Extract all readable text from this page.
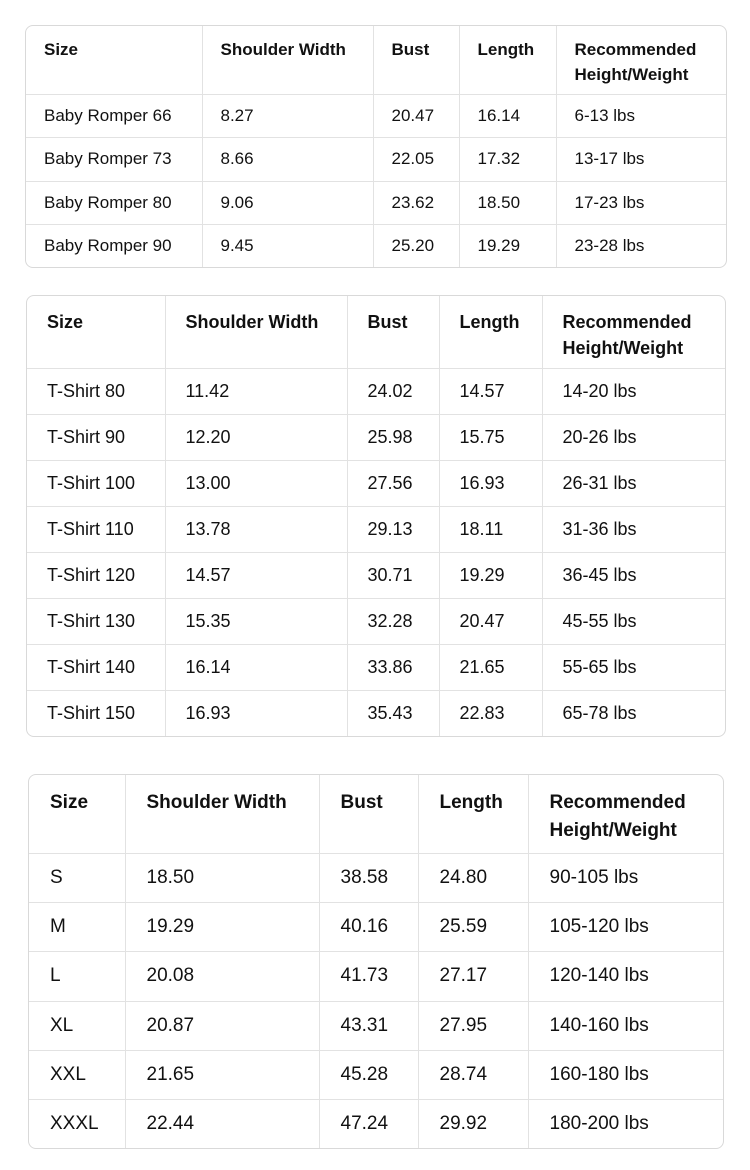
Size	Shoulder Width	Bust	Length	Recommended Height/Weight
Baby Romper 66	8.27	20.47	16.14	6-13 lbs
Baby Romper 73	8.66	22.05	17.32	13-17 lbs
Baby Romper 80	9.06	23.62	18.50	17-23 lbs
Baby Romper 90	9.45	25.20	19.29	23-28 lbs
Size	Shoulder Width	Bust	Length	Recommended Height/Weight
T-Shirt 80	11.42	24.02	14.57	14-20 lbs
T-Shirt 90	12.20	25.98	15.75	20-26 lbs
T-Shirt 100	13.00	27.56	16.93	26-31 lbs
T-Shirt 110	13.78	29.13	18.11	31-36 lbs
T-Shirt 120	14.57	30.71	19.29	36-45 lbs
T-Shirt 130	15.35	32.28	20.47	45-55 lbs
T-Shirt 140	16.14	33.86	21.65	55-65 lbs
T-Shirt 150	16.93	35.43	22.83	65-78 lbs
Size	Shoulder Width	Bust	Length	Recommended Height/Weight
S	18.50	38.58	24.80	90-105 lbs
M	19.29	40.16	25.59	105-120 lbs
L	20.08	41.73	27.17	120-140 lbs
XL	20.87	43.31	27.95	140-160 lbs
XXL	21.65	45.28	28.74	160-180 lbs
XXXL	22.44	47.24	29.92	180-200 lbs
